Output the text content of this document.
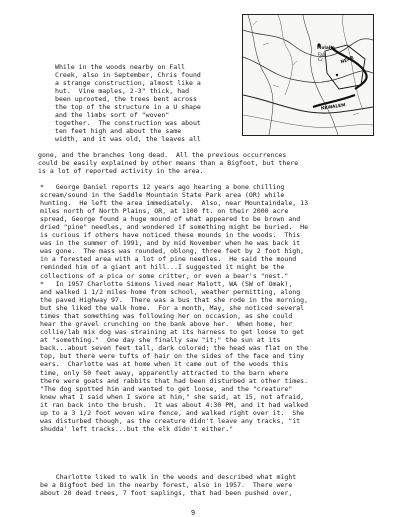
Molalla
Fall
Cr.	NEAR
NEWALEM

While in the woods nearby on Fall
Creek, also in September, Chris found
a strange construction, almost like a
hut.  Vine maples, 2-3" thick, had
been uprooted, the trees bent across
the top of the structure in a U shape
and the limbs sort of "woven"
together.  The construction was about
ten feet high and about the same
width, and it was old, the leaves all

gone, and the branches long dead.  All the previous occurrences
could be easily explained by other means than a Bigfoot, but there
is a lot of reported activity in the area.

*   George Daniel reports 12 years ago hearing a bone chilling
scream/sound in the Saddle Mountain State Park area (OR) while
hunting.  He left the area immediately.  Also, near Mountaindale, 13
miles north of North Plains, OR, at 1100 ft. on their 2000 acre
spread, George found a huge mound of what appeared to be brown and
dried "pine" needles, and wondered if something might be buried.  He
is curious if others have noticed these mounds in the woods.  This
was in the summer of 1991, and by mid November when he was back it
was gone.  The mass was rounded, oblong, three feet by 2 foot high,
in a forested area with a lot of pine needles.  He said the mound
reminded him of a giant ant hill...I suggested it might be the
collections of a pica or some critter, or even a bear's "nest."

*   In 1957 Charlotte Simons lived near Malott, WA (SW of Omak),
and walked 1 1/2 miles home from school, weather permitting, along
the paved Highway 97.  There was a bus that she rode in the morning,
but she liked the walk home.  For a month, May, she noticed several
times that something was following her on occasion, as she could
hear the gravel crunching on the bank above her.  When home, her
collie/lab mix dog was straining at its harness to get loose to get
at "something."  One day she finally saw "it;" the sun at its
back...about seven feet tall, dark colored; the head was flat on the
top, but there were tufts of hair on the sides of the face and tiny
ears.  Charlotte was at home when it came out of the woods this
time, only 50 feet away, apparently attracted to the barn where
there were goats and rabbits that had been disturbed at other times.
"The dog spotted him and wanted to get loose, and the "creature"
knew what I said when I swore at him," she said, at 15, not afraid,
it ran back into the brush.  It was about 4:30 PM, and it had walked
up to a 3 1/2 foot woven wire fence, and walked right over it.  She
was disturbed though, as the creature didn't leave any tracks, "it
shudda' left tracks...but the elk didn't either."

Charlotte liked to walk in the woods and described what might
be a Bigfoot bed in the nearby forest, also in 1957.  There were
about 20 dead trees, 7 foot saplings, that had been pushed over,

9
